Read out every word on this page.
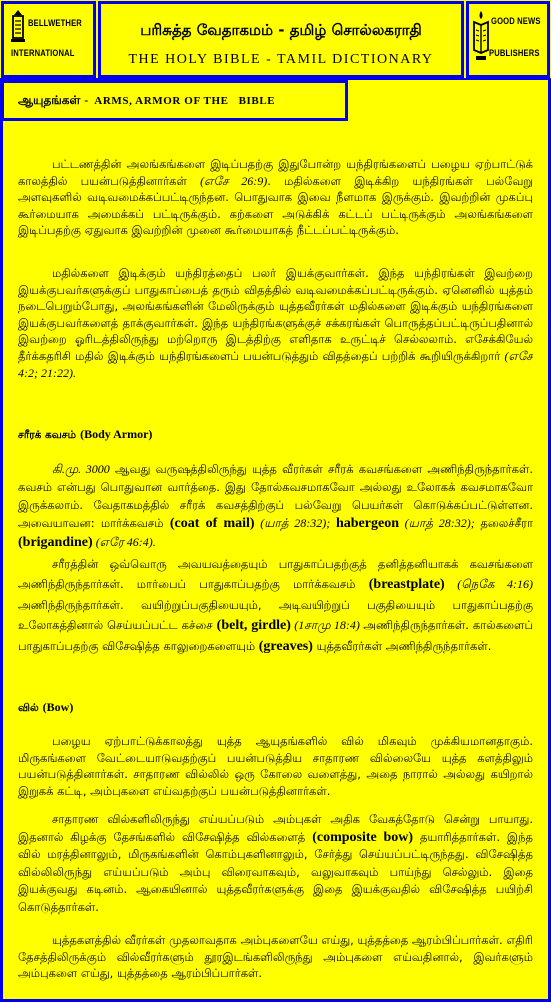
BELLWETHER
INTERNATIONAL
பரிசுத்த வேதாகமம் - தமிழ் சொல்லகராதி
THE HOLY BIBLE - TAMIL DICTIONARY
GOOD NEWS
PUBLISHERS
ஆயுதங்கள் - ARMS, ARMOR OF THE   BIBLE
பட்டணத்தின் அலங்கங்களை இடிப்பதற்கு இதுபோன்ற யந்திரங்களைப் பழைய ஏற்பாட்டுக் காலத்தில் பயன்படுத்தினார்கள் (எசே 26:9). மதில்களை இடிக்கிற யந்திரங்கள் பல்வேறு அளவுகளில் வடிவமைக்கப்பட்டிருந்தன. பொதுவாக இவை நீளமாக இருக்கும். இவற்றின் முகப்பு கூர்மையாக அமைக்கப் பட்டிருக்கும். கற்களை அடுக்கிக் கட்டப் பட்டிருக்கும் அலங்கங்களை இடிப்பதற்கு ஏதுவாக இவற்றின் முனை கூர்மையாகத் நீட்டப்பட்டிருக்கும்.
மதில்களை இடிக்கும் யந்திரத்தைப் பலர் இயக்குவார்கள். இந்த யந்திரங்கள் இவற்றை இயக்குபவர்களுக்குப் பாதுகாப்பைத் தரும் விதத்தில் வடிவமைக்கப்பட்டிருக்கும். ஏனெனில் யுத்தம் நடைபெறும்போது, அலங்கங்களின் மேலிருக்கும் யுத்தவீரர்கள் மதில்களை இடிக்கும் யந்திரங்களை இயக்குபவர்களைத் தாக்குவார்கள். இந்த யந்திரங்களுக்குச் சக்கரங்கள் பொருத்தப்பட்டிருப்பதினால் இவற்றை ஓரிடத்திலிருந்து மற்றொரு இடத்திற்கு எளிதாக உருட்டிச் செல்லலாம். எசேக்கியேல் தீர்க்கதரிசி மதில் இடிக்கும் யந்திரங்களைப் பயன்படுத்தும் விதத்தைப் பற்றிக் கூறியிருக்கிறார் (எசே 4:2; 21:22).
சரீரக் கவசம் (Body Armor)
கி.மு. 3000 ஆவது வருஷத்திலிருந்து யுத்த வீரர்கள் சரீரக் கவசங்களை அணிந்திருந்தார்கள். கவசம் என்பது பொதுவான வார்த்தை. இது தோல்கவசமாகவோ அல்லது உலோகக் கவசமாகவோ இருக்கலாம். வேதாகமத்தில் சரீரக் கவசத்திற்குப் பல்வேறு பெயர்கள் கொடுக்கப்பட்டுள்ளன. அவையாவன: மார்க்கவசம் (coat of mail) (யாத் 28:32); habergeon (யாத் 28:32); தலைச்சீரா (brigandine) (எரே 46:4).
சரீரத்தின் ஒவ்வொரு அவயவத்தையும் பாதுகாப்பதற்குத் தனித்தனியாகக் கவசங்களை அணிந்திருந்தார்கள். மார்பைப் பாதுகாப்பதற்கு மார்க்கவசம் (breastplate) (நெகே 4:16) அணிந்திருந்தார்கள். வயிற்றுப்பகுதியையும், அடிவயிற்றுப் பகுதியையும் பாதுகாப்பதற்கு உலோகத்தினால் செய்யப்பட்ட கச்சை (belt, girdle) (1சாமு 18:4) அணிந்திருந்தார்கள். கால்களைப் பாதுகாப்பதற்கு விசேஷித்த காலுறைகளையும் (greaves) யுத்தவீரர்கள் அணிந்திருந்தார்கள்.
வில் (Bow)
பழைய ஏற்பாட்டுக்காலத்து யுத்த ஆயுதங்களில் வில் மிகவும் முக்கியமானதாகும். மிருகங்களை வேட்டையாடுவதற்குப் பயன்படுத்திய சாதாரண வில்லையே யுத்த களத்திலும் பயன்படுத்தினார்கள். சாதாரண வில்லில் ஒரு கோலை வளைத்து, அதை நாரால் அல்லது கயிறால் இறுகக் கட்டி, அம்புகளை எய்வதற்குப் பயன்படுத்தினார்கள்.
சாதாரண வில்களிலிருந்து எய்யப்படும் அம்புகள் அதிக வேகத்தோடு சென்று பாயாது. இதனால் கிழக்கு தேசங்களில் விசேஷித்த வில்களைத் (composite bow) தயாரித்தார்கள். இந்த வில் மரத்தினாலும், மிருகங்களின் கொம்புகளினாலும், சேர்த்து செய்யப்பட்டிருந்தது. விசேஷித்த வில்லிலிருந்து எய்யப்படும் அம்பு விரைவாகவும், வலுவாகவும் பாய்ந்து செல்லும். இதை இயக்குவது கடினம். ஆகையினால் யுத்தவீரர்களுக்கு இதை இயக்குவதில் விசேஷித்த பயிற்சி கொடுத்தார்கள்.
யுத்தகளத்தில் வீரர்கள் முதலாவதாக அம்புகளையே எய்து, யுத்தத்தை ஆரம்பிப்பார்கள். எதிரி தேசத்திலிருக்கும் வில்வீரர்களும் தூரஇடங்களிலிருந்து அம்புகளை எய்வதினால், இவர்களும் அம்புகளை எய்து, யுத்தத்தை ஆரம்பிப்பார்கள்.
